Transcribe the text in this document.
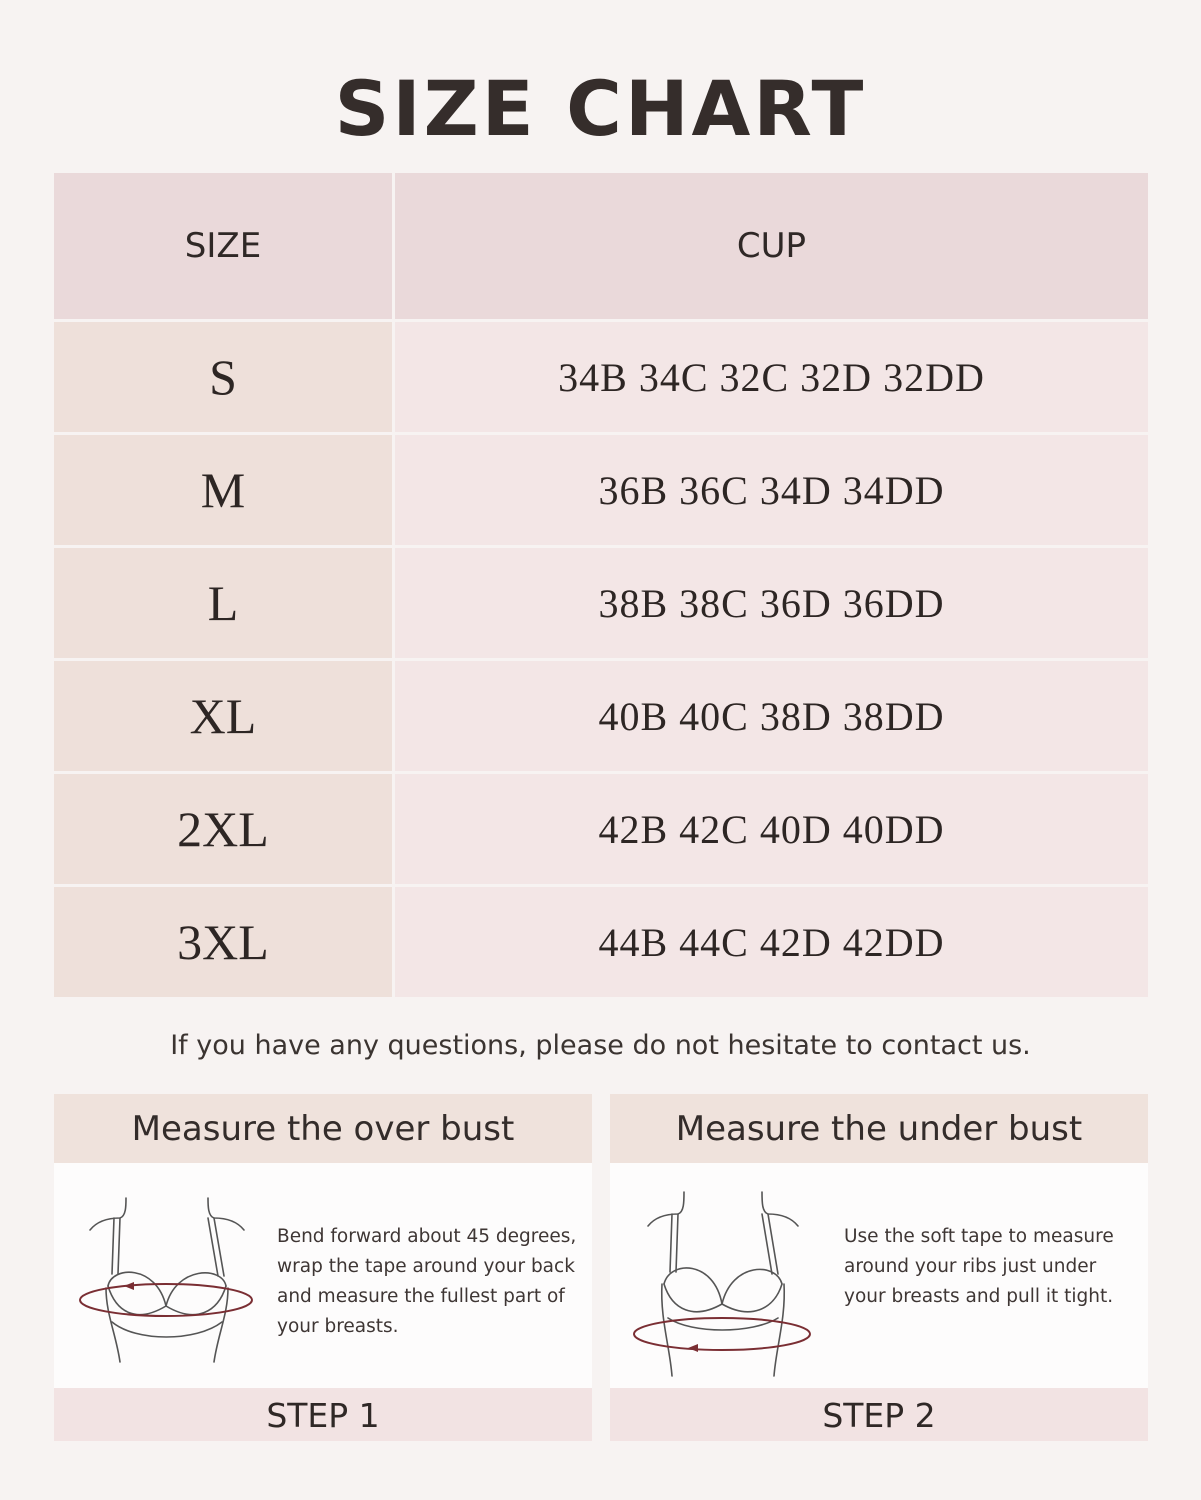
SIZE CHART
SIZE	CUP
S	34B 34C 32C 32D 32DD
M	36B 36C 34D 34DD
L	38B 38C 36D 36DD
XL	40B 40C 38D 38DD
2XL	42B 42C 40D 40DD
3XL	44B 44C 42D 42DD
If you have any questions, please do not hesitate to contact us.
Measure the over bust
Bend forward about 45 degrees, wrap the tape around your back and measure the fullest part of your breasts.
STEP 1
Measure the under bust
Use the soft tape to measure around your ribs just under your breasts and pull it tight.
STEP 2
